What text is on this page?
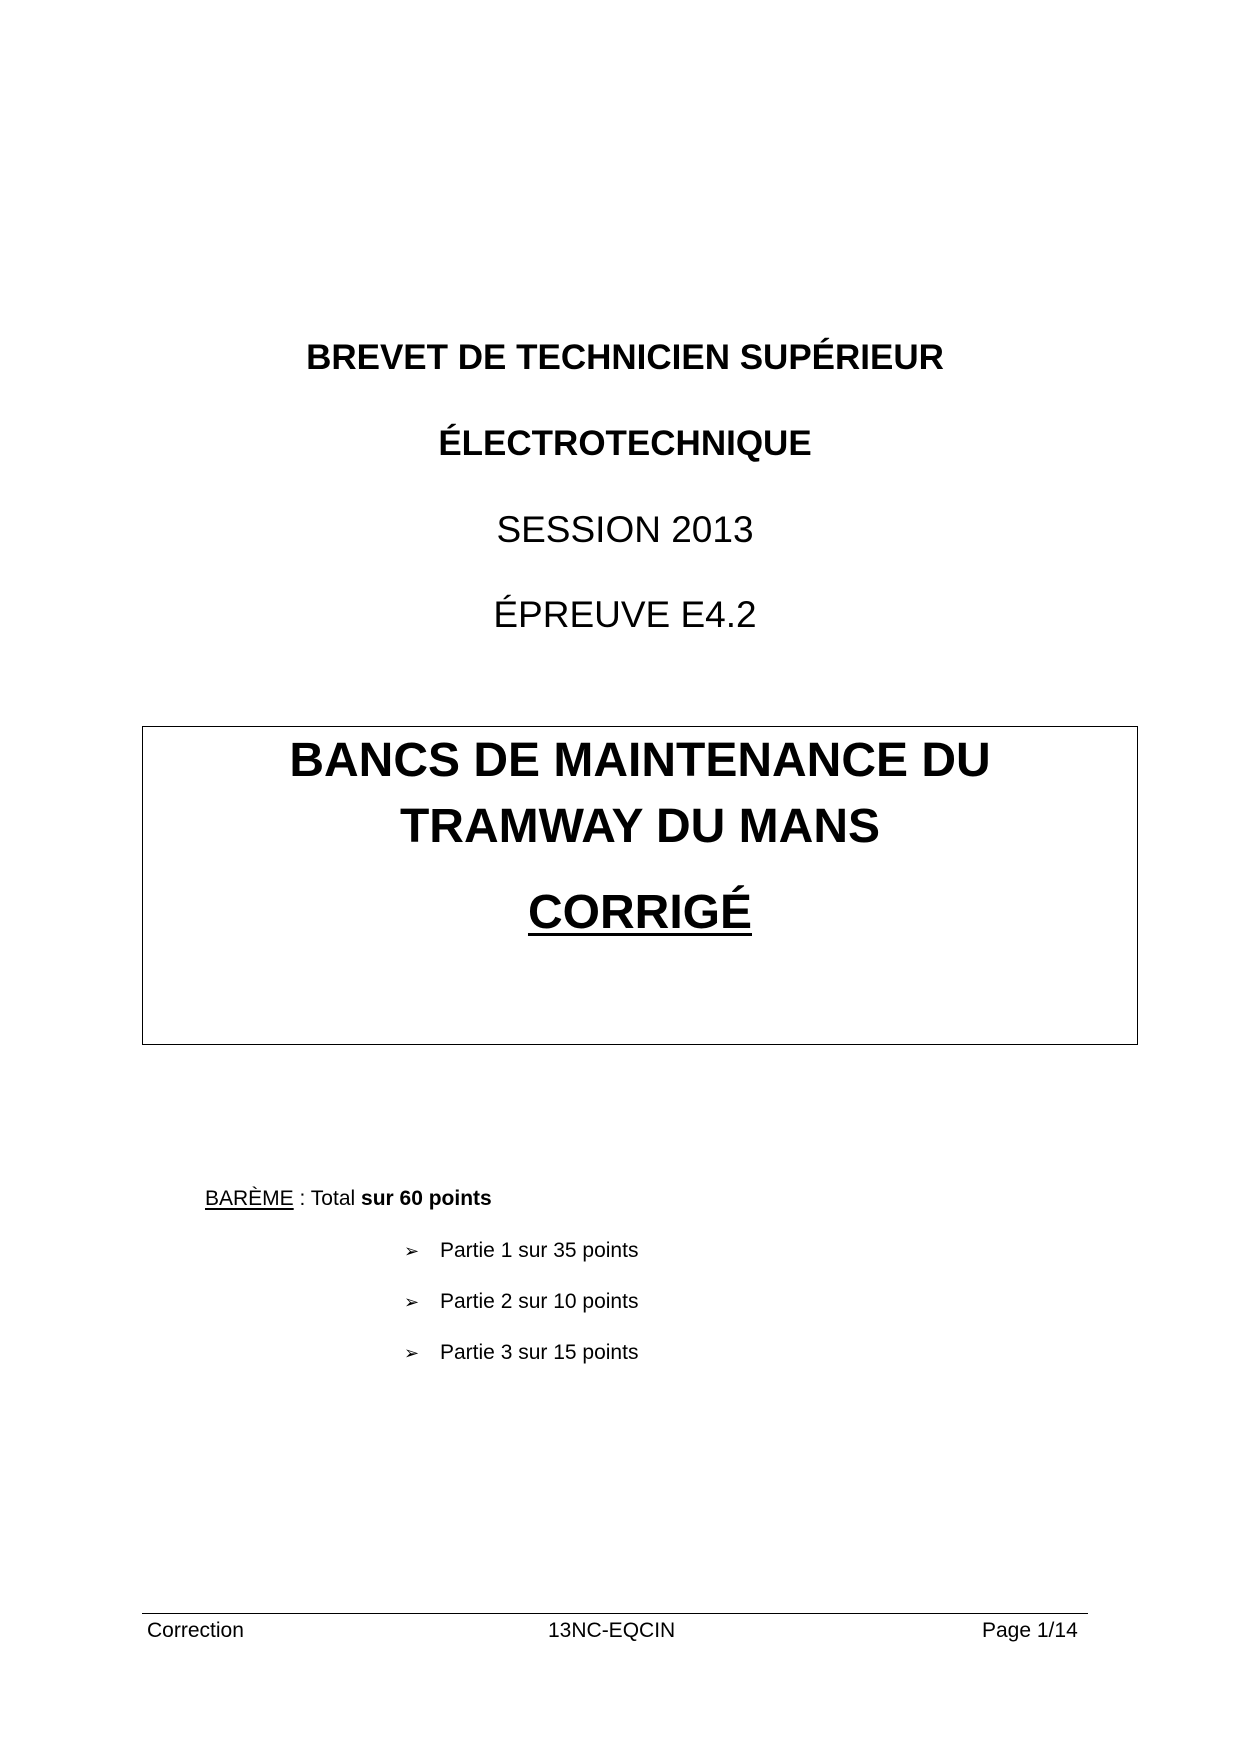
BREVET DE TECHNICIEN SUPÉRIEUR
ÉLECTROTECHNIQUE
SESSION 2013
ÉPREUVE E4.2
BANCS DE MAINTENANCE DU
TRAMWAY DU MANS
CORRIGÉ
BARÈME : Total sur 60 points
➢ Partie 1 sur 35 points
➢ Partie 2 sur 10 points
➢ Partie 3 sur 15 points
Correction	13NC-EQCIN	Page 1/14
